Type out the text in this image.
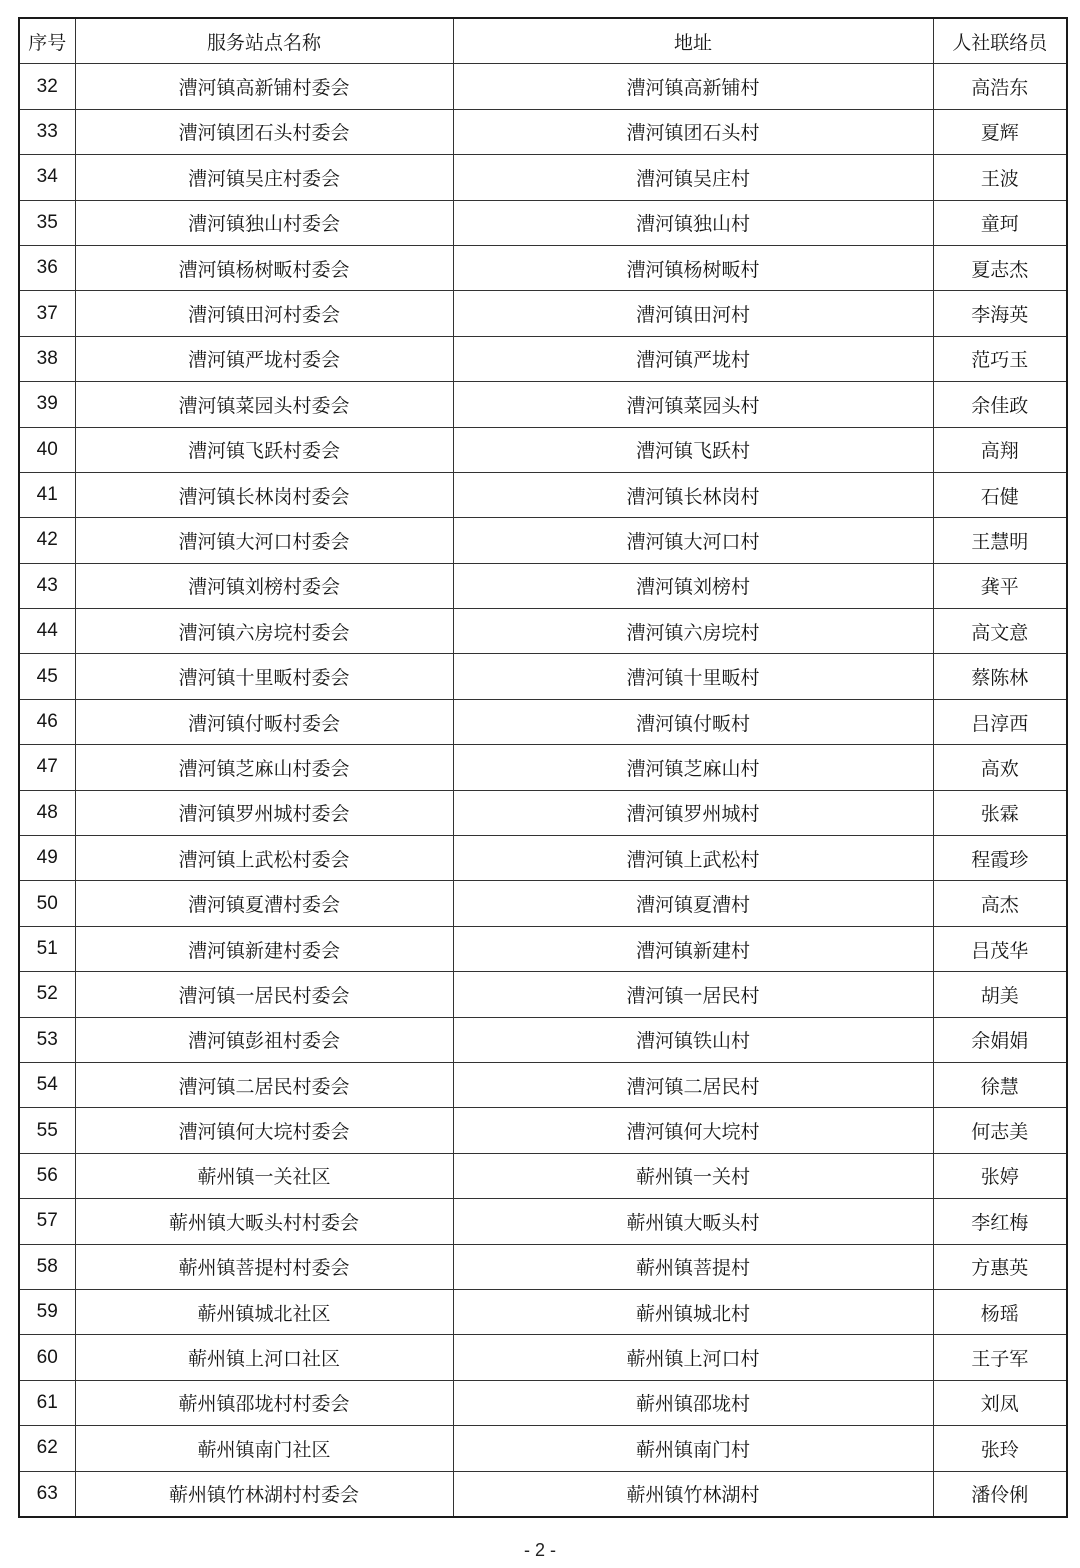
序号	服务站点名称	地址	人社联络员
32	漕河镇高新铺村委会	漕河镇高新铺村	高浩东
33	漕河镇团石头村委会	漕河镇团石头村	夏辉
34	漕河镇吴庄村委会	漕河镇吴庄村	王波
35	漕河镇独山村委会	漕河镇独山村	童珂
36	漕河镇杨树畈村委会	漕河镇杨树畈村	夏志杰
37	漕河镇田河村委会	漕河镇田河村	李海英
38	漕河镇严垅村委会	漕河镇严垅村	范巧玉
39	漕河镇菜园头村委会	漕河镇菜园头村	余佳政
40	漕河镇飞跃村委会	漕河镇飞跃村	高翔
41	漕河镇长林岗村委会	漕河镇长林岗村	石健
42	漕河镇大河口村委会	漕河镇大河口村	王慧明
43	漕河镇刘榜村委会	漕河镇刘榜村	龚平
44	漕河镇六房垸村委会	漕河镇六房垸村	高文意
45	漕河镇十里畈村委会	漕河镇十里畈村	蔡陈林
46	漕河镇付畈村委会	漕河镇付畈村	吕淳西
47	漕河镇芝麻山村委会	漕河镇芝麻山村	高欢
48	漕河镇罗州城村委会	漕河镇罗州城村	张霖
49	漕河镇上武松村委会	漕河镇上武松村	程霞珍
50	漕河镇夏漕村委会	漕河镇夏漕村	高杰
51	漕河镇新建村委会	漕河镇新建村	吕茂华
52	漕河镇一居民村委会	漕河镇一居民村	胡美
53	漕河镇彭祖村委会	漕河镇铁山村	余娟娟
54	漕河镇二居民村委会	漕河镇二居民村	徐慧
55	漕河镇何大垸村委会	漕河镇何大垸村	何志美
56	蕲州镇一关社区	蕲州镇一关村	张婷
57	蕲州镇大畈头村村委会	蕲州镇大畈头村	李红梅
58	蕲州镇菩提村村委会	蕲州镇菩提村	方惠英
59	蕲州镇城北社区	蕲州镇城北村	杨瑶
60	蕲州镇上河口社区	蕲州镇上河口村	王子军
61	蕲州镇邵垅村村委会	蕲州镇邵垅村	刘凤
62	蕲州镇南门社区	蕲州镇南门村	张玲
63	蕲州镇竹林湖村村委会	蕲州镇竹林湖村	潘伶俐
- 2 -
